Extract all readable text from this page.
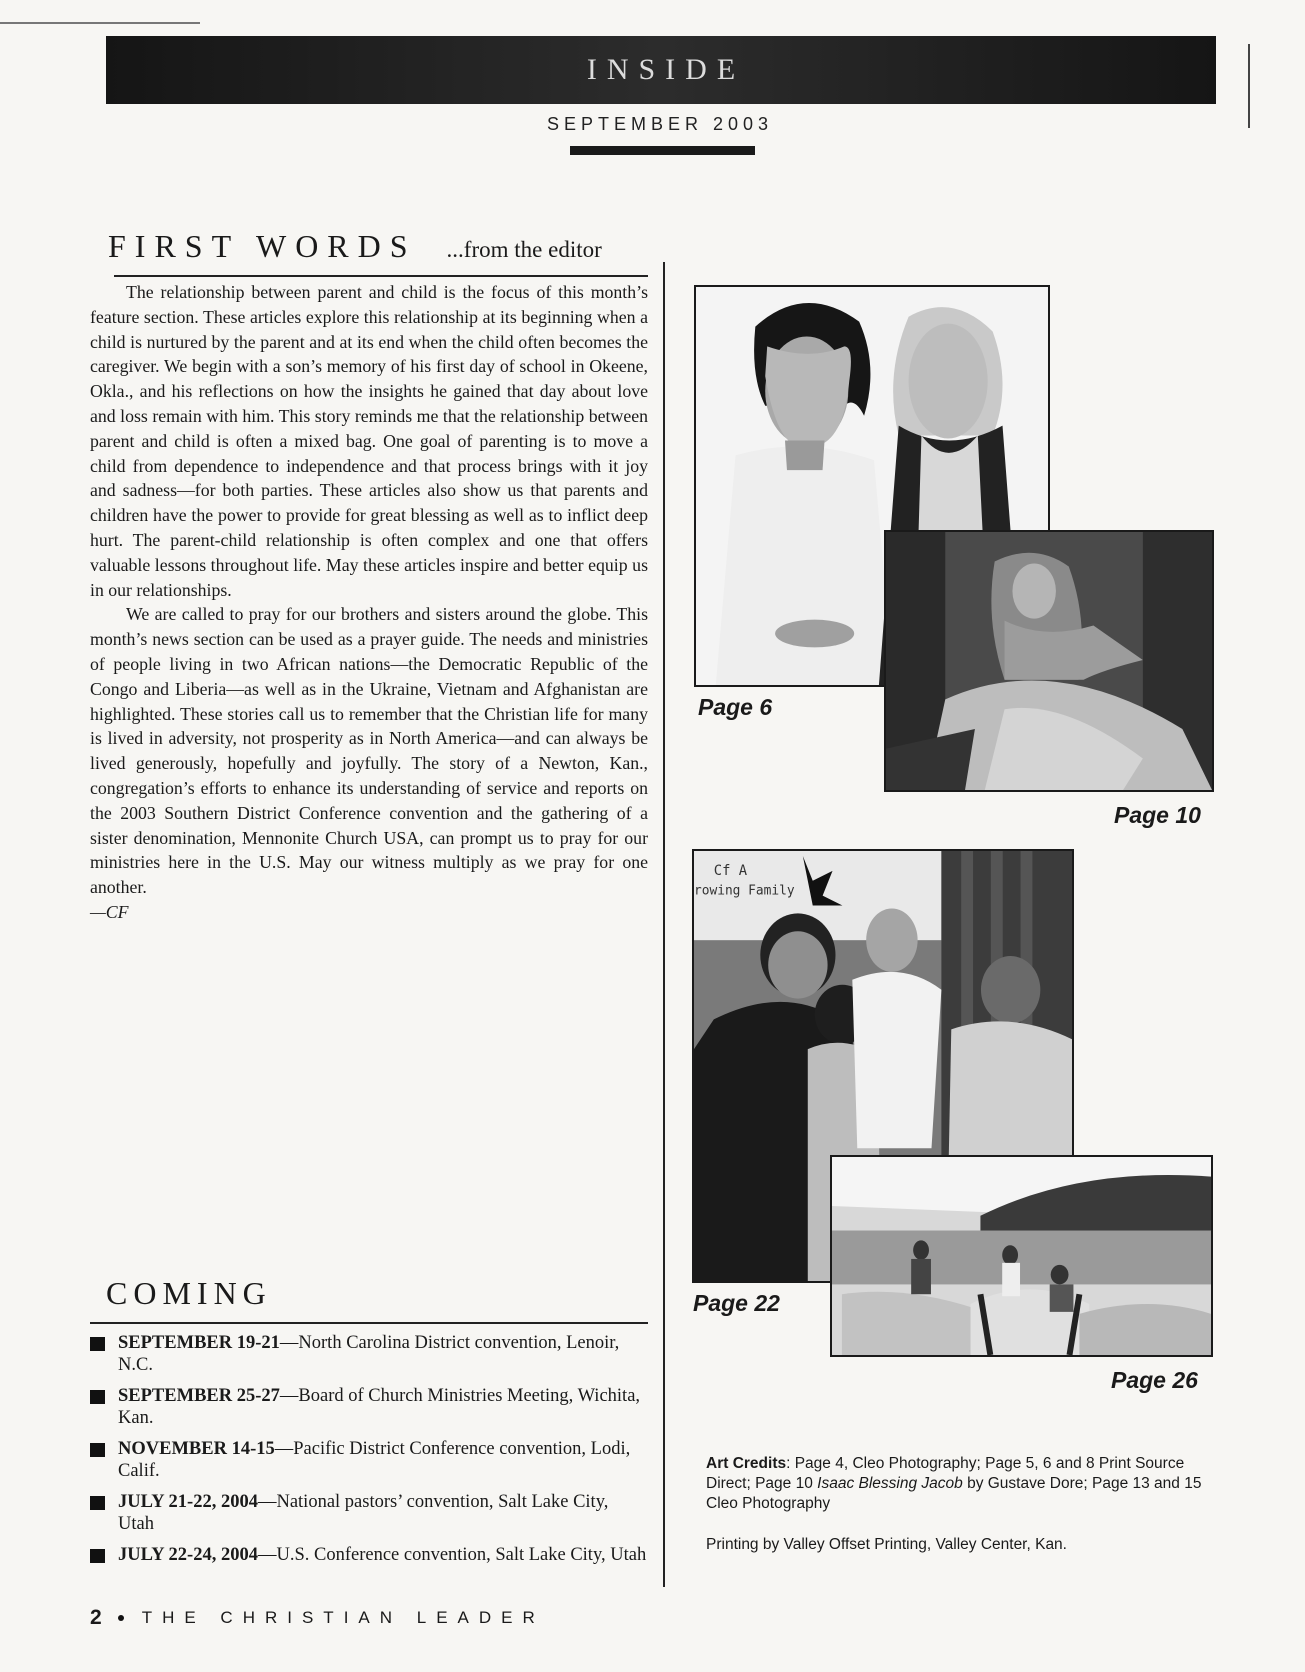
INSIDE
SEPTEMBER 2003
FIRST WORDS ...from the editor

The relationship between parent and child is the focus of this month’s feature section. These articles explore this relationship at its beginning when a child is nurtured by the parent and at its end when the child often becomes the caregiver. We begin with a son’s memory of his first day of school in Okeene, Okla., and his reflections on how the insights he gained that day about love and loss remain with him. This story reminds me that the relationship between parent and child is often a mixed bag. One goal of parenting is to move a child from dependence to independence and that process brings with it joy and sadness—for both parties. These articles also show us that parents and children have the power to provide for great blessing as well as to inflict deep hurt. The parent-child relationship is often complex and one that offers valuable lessons throughout life. May these articles inspire and better equip us in our relationships.

We are called to pray for our brothers and sisters around the globe. This month’s news section can be used as a prayer guide. The needs and ministries of people living in two African nations—the Democratic Republic of the Congo and Liberia—as well as in the Ukraine, Vietnam and Afghanistan are highlighted. These stories call us to remember that the Christian life for many is lived in adversity, not prosperity as in North America—and can always be lived generously, hopefully and joyfully. The story of a Newton, Kan., congregation’s efforts to enhance its understanding of service and reports on the 2003 Southern District Conference convention and the gathering of a sister denomination, Mennonite Church USA, can prompt us to pray for our ministries here in the U.S. May our witness multiply as we pray for one another.

—CF
COMING
SEPTEMBER 19-21—North Carolina District convention, Lenoir, N.C.
SEPTEMBER 25-27—Board of Church Ministries Meeting, Wichita, Kan.
NOVEMBER 14-15—Pacific District Conference convention, Lodi, Calif.
JULY 21-22, 2004—National pastors’ convention, Salt Lake City, Utah
JULY 22-24, 2004—U.S. Conference convention, Salt Lake City, Utah
2 THE CHRISTIAN LEADER
Cf A
rowing Family
Page 6
Page 10
Page 22
Page 26
Art Credits: Page 4, Cleo Photography; Page 5, 6 and 8 Print Source Direct; Page 10 Isaac Blessing Jacob by Gustave Dore; Page 13 and 15 Cleo Photography
Printing by Valley Offset Printing, Valley Center, Kan.
